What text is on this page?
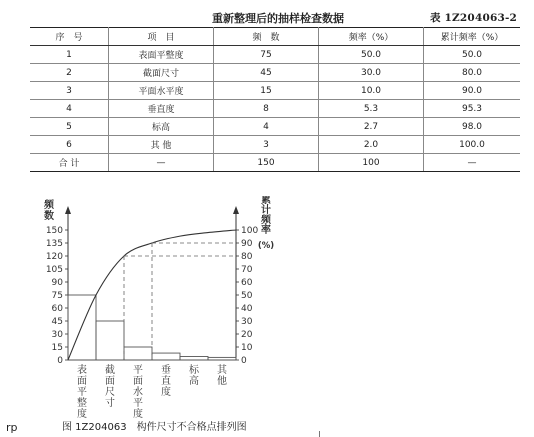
重新整理后的抽样检查数据	表 1Z204063-2
序　号	项　目	频　数	频率（%）	累计频率（%）
1	表面平整度	75	50.0	50.0
2	截面尺寸	45	30.0	80.0
3	平面水平度	15	10.0	90.0
4	垂直度	8	5.3	95.3
5	标高	4	2.7	98.0
6	其 他	3	2.0	100.0
合 计	—	150	100	—
0
15
30
45
60
75
90
105
120
135
150
0
10
20
30
40
50
60
70
80
90
100
频
数
累
计
频
率
(%)
表
面
平
整
度
截
面
尺
寸
平
面
水
平
度
垂
直
度
标
高
其
他
图 1Z204063　构件尺寸不合格点排列图
rp
